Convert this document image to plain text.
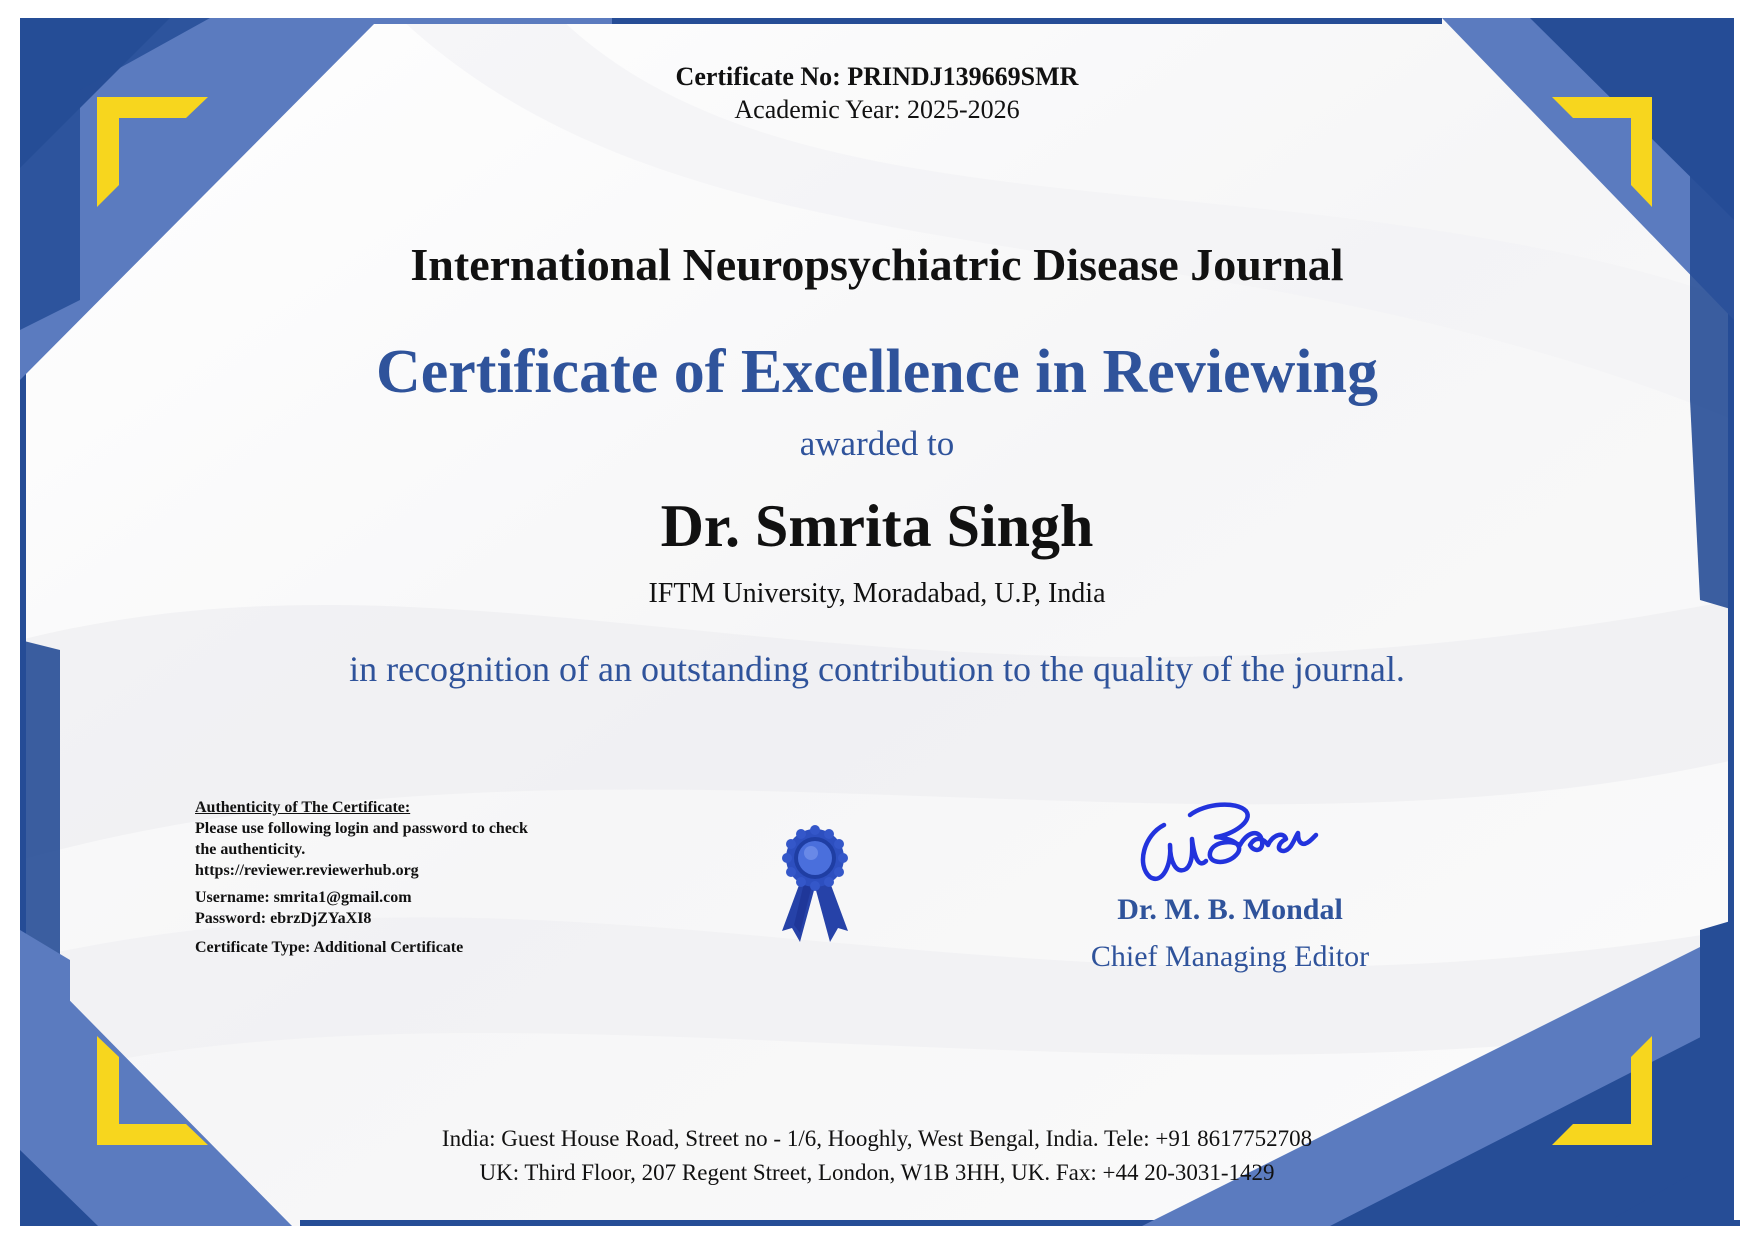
Certificate No: PRINDJ139669SMR
Academic Year: 2025-2026
International Neuropsychiatric Disease Journal
Certificate of Excellence in Reviewing
awarded to
Dr. Smrita Singh
IFTM University, Moradabad, U.P, India
in recognition of an outstanding contribution to the quality of the journal.
Authenticity of The Certificate:
Please use following login and password to check
the authenticity.
https://reviewer.reviewerhub.org
Username: smrita1@gmail.com
Password: ebrzDjZYaXI8
Certificate Type: Additional Certificate
Dr. M. B. Mondal
Chief Managing Editor
India: Guest House Road, Street no - 1/6, Hooghly, West Bengal, India. Tele: +91 8617752708
UK: Third Floor, 207 Regent Street, London, W1B 3HH, UK. Fax: +44 20-3031-1429
